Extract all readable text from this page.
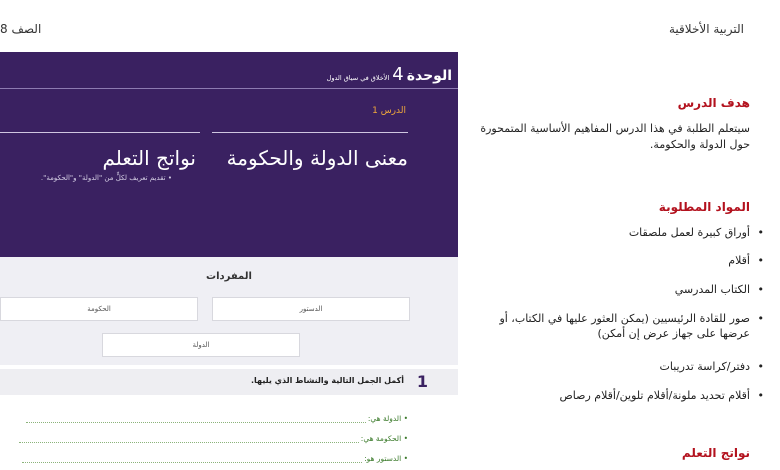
التربية الأخلاقية
الصف 8
هدف الدرس
سيتعلم الطلبة في هذا الدرس المفاهيم الأساسية المتمحورة حول الدولة والحكومة.
المواد المطلوبة
•
أوراق كبيرة لعمل ملصقات
•
أقلام
•
الكتاب المدرسي
•
صور للقادة الرئيسيين (يمكن العثور عليها في الكتاب، أو عرضها على جهاز عرض إن أمكن)
•
دفتر/كراسة تدريبات
•
أقلام تحديد ملونة/أقلام تلوين/أقلام رصاص
نواتج التعلم
الوحدة4الأخلاق في سياق الدول
الدرس 1
معنى الدولة والحكومة
نواتج التعلم
• تقديم تعريف لكلٍّ من "الدولة" و"الحكومة".
المفردات
الدستور
الحكومة
الدولة
1
أكمل الجمل التالية والنشاط الذي يليها.
• الدولة هي:
• الحكومة هي:
• الدستور هو:
